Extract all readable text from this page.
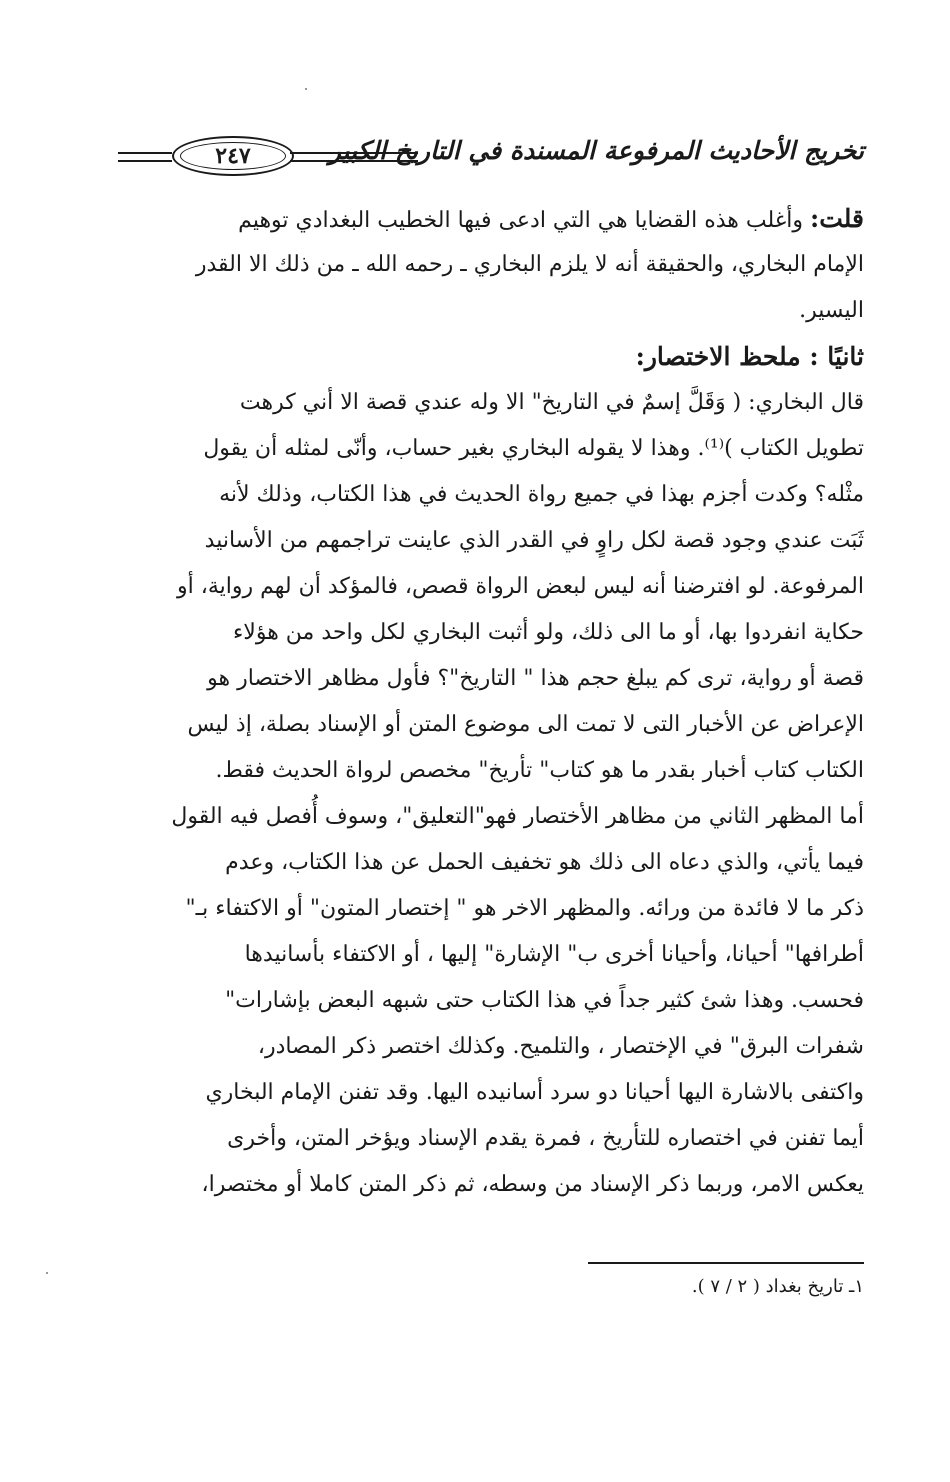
٢٤٧	تخريج الأحاديث المرفوعة المسندة في التاريخ الكبير
قلت: وأغلب هذه القضايا هي التي ادعى فيها الخطيب البغدادي توهيم
الإمام البخاري، والحقيقة أنه لا يلزم البخاري ـ رحمه الله ـ من ذلك الا القدر
اليسير.
ثانيًا : ملحظ الاختصار:
قال البخاري: ( وَقَلَّ إسمٌ في التاريخ" الا وله عندي قصة الا أني كرهت
تطويل الكتاب )⁽¹⁾. وهذا لا يقوله البخاري بغير حساب، وأنّى لمثله أن يقول
مثْله؟ وكدت أجزم بهذا في جميع رواة الحديث في هذا الكتاب، وذلك لأنه
ثَبَت عندي وجود قصة لكل راوٍ في القدر الذي عاينت تراجمهم من الأسانيد
المرفوعة. لو افترضنا أنه ليس لبعض الرواة قصص، فالمؤكد أن لهم رواية، أو
حكاية انفردوا بها، أو ما الى ذلك، ولو أثبت البخاري لكل واحد من هؤلاء
قصة أو رواية، ترى كم يبلغ حجم هذا " التاريخ"؟ فأول مظاهر الاختصار هو
الإعراض عن الأخبار التى لا تمت الى موضوع المتن أو الإسناد بصلة، إذ ليس
الكتاب كتاب أخبار بقدر ما هو كتاب" تأريخ" مخصص لرواة الحديث فقط.
أما المظهر الثاني من مظاهر الأختصار فهو"التعليق"، وسوف أُفصل فيه القول
فيما يأتي، والذي دعاه الى ذلك هو تخفيف الحمل عن هذا الكتاب، وعدم
ذكر ما لا فائدة من ورائه. والمظهر الاخر هو " إختصار المتون" أو الاكتفاء بـ"
أطرافها" أحيانا، وأحيانا أخرى ب" الإشارة" إليها ، أو الاكتفاء بأسانيدها
فحسب. وهذا شئ كثير جداً في هذا الكتاب حتى شبهه البعض بإشارات"
شفرات البرق" في الإختصار ، والتلميح. وكذلك اختصر ذكر المصادر،
واكتفى بالاشارة اليها أحيانا دو سرد أسانيده اليها. وقد تفنن الإمام البخاري
أيما تفنن في اختصاره للتأريخ ، فمرة يقدم الإسناد ويؤخر المتن، وأخرى
يعكس الامر، وربما ذكر الإسناد من وسطه، ثم ذكر المتن كاملا أو مختصرا،
١ـ تاريخ بغداد ( ٢ / ٧ ).
